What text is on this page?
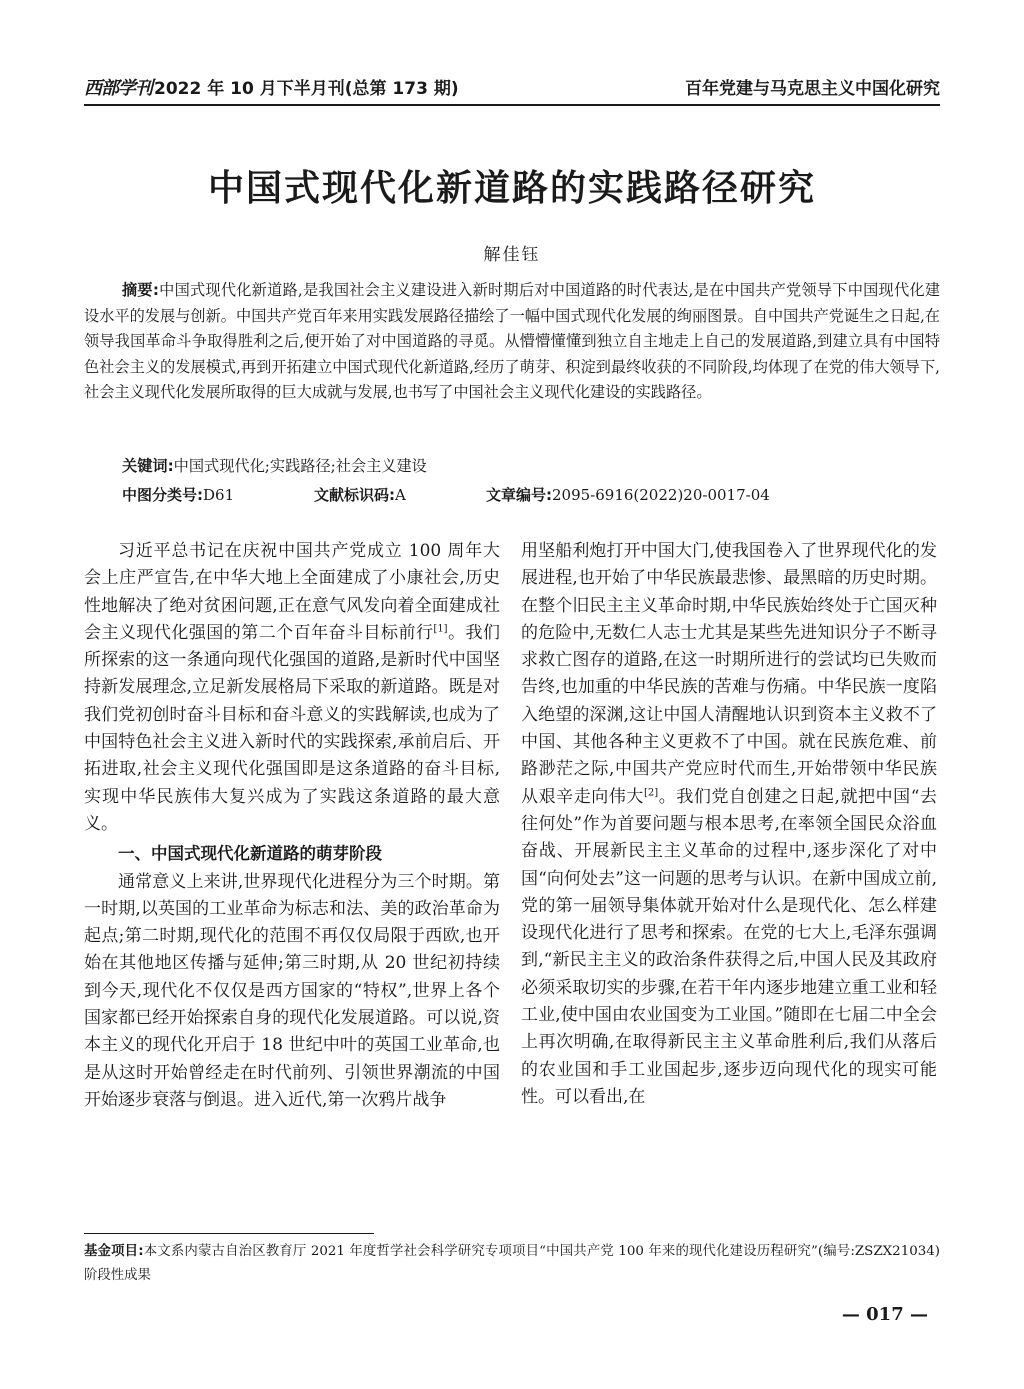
西部学刊 2022 年 10 月下半月刊(总第 173 期)	百年党建与马克思主义中国化研究
中国式现代化新道路的实践路径研究

解佳钰

摘要:中国式现代化新道路,是我国社会主义建设进入新时期后对中国道路的时代表达,是在中国共产党领导下中国现代化建设水平的发展与创新。中国共产党百年来用实践发展路径描绘了一幅中国式现代化发展的绚丽图景。自中国共产党诞生之日起,在领导我国革命斗争取得胜利之后,便开始了对中国道路的寻觅。从懵懵懂懂到独立自主地走上自己的发展道路,到建立具有中国特色社会主义的发展模式,再到开拓建立中国式现代化新道路,经历了萌芽、积淀到最终收获的不同阶段,均体现了在党的伟大领导下,社会主义现代化发展所取得的巨大成就与发展,也书写了中国社会主义现代化建设的实践路径。

关键词:中国式现代化;实践路径;社会主义建设

中图分类号:D61	文献标识码:A	文章编号:2095-6916(2022)20-0017-04

习近平总书记在庆祝中国共产党成立 100 周年大会上庄严宣告,在中华大地上全面建成了小康社会,历史性地解决了绝对贫困问题,正在意气风发向着全面建成社会主义现代化强国的第二个百年奋斗目标前行[1]。我们所探索的这一条通向现代化强国的道路,是新时代中国坚持新发展理念,立足新发展格局下采取的新道路。既是对我们党初创时奋斗目标和奋斗意义的实践解读,也成为了中国特色社会主义进入新时代的实践探索,承前启后、开拓进取,社会主义现代化强国即是这条道路的奋斗目标,实现中华民族伟大复兴成为了实践这条道路的最大意义。

一、中国式现代化新道路的萌芽阶段

通常意义上来讲,世界现代化进程分为三个时期。第一时期,以英国的工业革命为标志和法、美的政治革命为起点;第二时期,现代化的范围不再仅仅局限于西欧,也开始在其他地区传播与延伸;第三时期,从 20 世纪初持续到今天,现代化不仅仅是西方国家的“特权”,世界上各个国家都已经开始探索自身的现代化发展道路。可以说,资本主义的现代化开启于 18 世纪中叶的英国工业革命,也是从这时开始曾经走在时代前列、引领世界潮流的中国开始逐步衰落与倒退。进入近代,第一次鸦片战争

用坚船利炮打开中国大门,使我国卷入了世界现代化的发展进程,也开始了中华民族最悲惨、最黑暗的历史时期。在整个旧民主主义革命时期,中华民族始终处于亡国灭种的危险中,无数仁人志士尤其是某些先进知识分子不断寻求救亡图存的道路,在这一时期所进行的尝试均已失败而告终,也加重的中华民族的苦难与伤痛。中华民族一度陷入绝望的深渊,这让中国人清醒地认识到资本主义救不了中国、其他各种主义更救不了中国。就在民族危难、前路渺茫之际,中国共产党应时代而生,开始带领中华民族从艰辛走向伟大[2]。我们党自创建之日起,就把中国“去往何处”作为首要问题与根本思考,在率领全国民众浴血奋战、开展新民主主义革命的过程中,逐步深化了对中国“向何处去”这一问题的思考与认识。在新中国成立前,党的第一届领导集体就开始对什么是现代化、怎么样建设现代化进行了思考和探索。在党的七大上,毛泽东强调到,“新民主主义的政治条件获得之后,中国人民及其政府必须采取切实的步骤,在若干年内逐步地建立重工业和轻工业,使中国由农业国变为工业国。”随即在七届二中全会上再次明确,在取得新民主主义革命胜利后,我们从落后的农业国和手工业国起步,逐步迈向现代化的现实可能性。可以看出,在

基金项目:本文系内蒙古自治区教育厅 2021 年度哲学社会科学研究专项项目“中国共产党 100 年来的现代化建设历程研究”(编号:ZSZX21034)阶段性成果

— 017 —
